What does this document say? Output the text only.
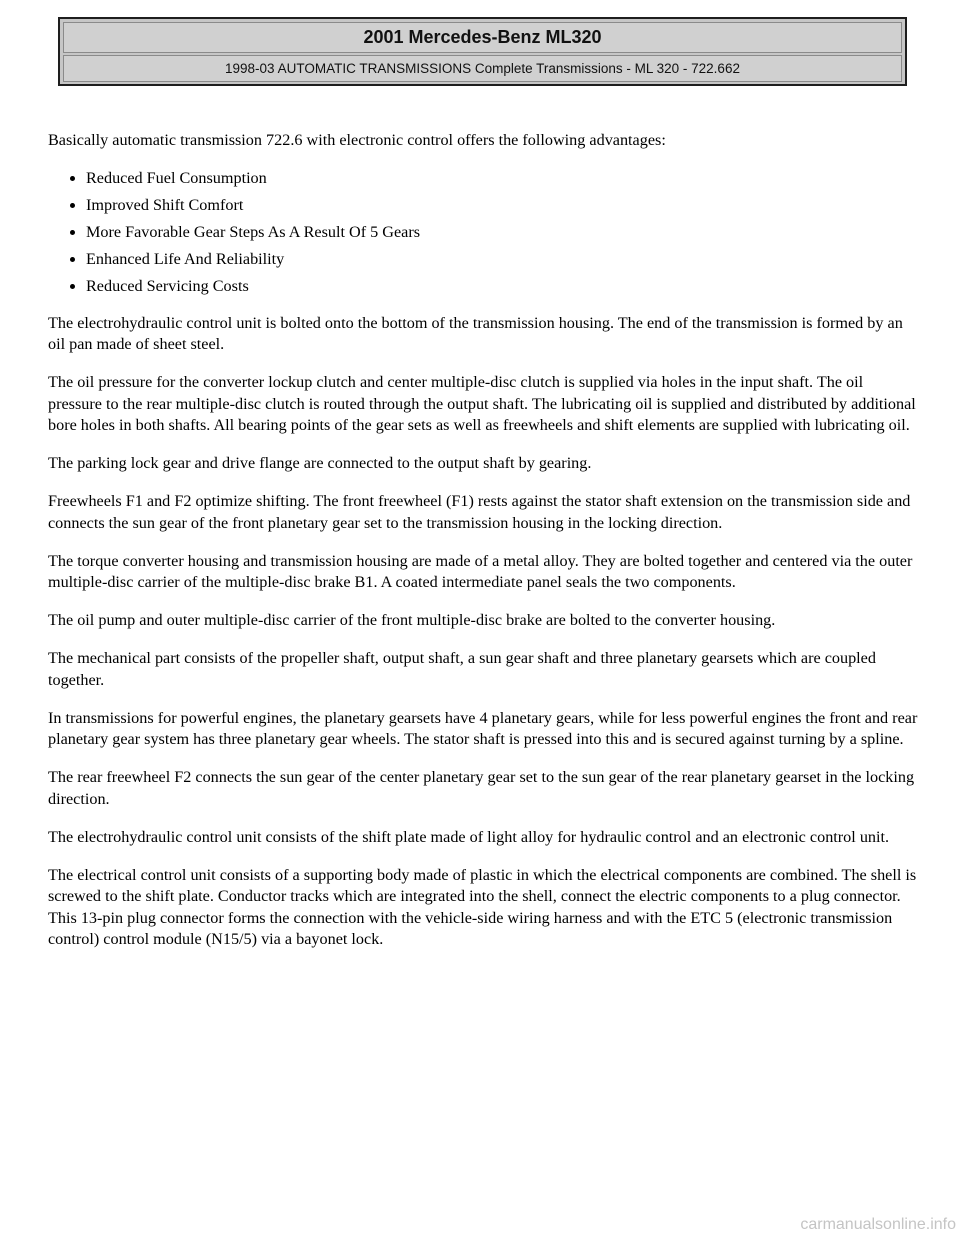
2001 Mercedes-Benz ML320
1998-03 AUTOMATIC TRANSMISSIONS Complete Transmissions - ML 320 - 722.662

Basically automatic transmission 722.6 with electronic control offers the following advantages:

• Reduced Fuel Consumption
• Improved Shift Comfort
• More Favorable Gear Steps As A Result Of 5 Gears
• Enhanced Life And Reliability
• Reduced Servicing Costs

The electrohydraulic control unit is bolted onto the bottom of the transmission housing. The end of the transmission is formed by an oil pan made of sheet steel.

The oil pressure for the converter lockup clutch and center multiple-disc clutch is supplied via holes in the input shaft. The oil pressure to the rear multiple-disc clutch is routed through the output shaft. The lubricating oil is supplied and distributed by additional bore holes in both shafts. All bearing points of the gear sets as well as freewheels and shift elements are supplied with lubricating oil.

The parking lock gear and drive flange are connected to the output shaft by gearing.

Freewheels F1 and F2 optimize shifting. The front freewheel (F1) rests against the stator shaft extension on the transmission side and connects the sun gear of the front planetary gear set to the transmission housing in the locking direction.

The torque converter housing and transmission housing are made of a metal alloy. They are bolted together and centered via the outer multiple-disc carrier of the multiple-disc brake B1. A coated intermediate panel seals the two components.

The oil pump and outer multiple-disc carrier of the front multiple-disc brake are bolted to the converter housing.

The mechanical part consists of the propeller shaft, output shaft, a sun gear shaft and three planetary gearsets which are coupled together.

In transmissions for powerful engines, the planetary gearsets have 4 planetary gears, while for less powerful engines the front and rear planetary gear system has three planetary gear wheels. The stator shaft is pressed into this and is secured against turning by a spline.

The rear freewheel F2 connects the sun gear of the center planetary gear set to the sun gear of the rear planetary gearset in the locking direction.

The electrohydraulic control unit consists of the shift plate made of light alloy for hydraulic control and an electronic control unit.

The electrical control unit consists of a supporting body made of plastic in which the electrical components are combined. The shell is screwed to the shift plate. Conductor tracks which are integrated into the shell, connect the electric components to a plug connector. This 13-pin plug connector forms the connection with the vehicle-side wiring harness and with the ETC 5 (electronic transmission control) control module (N15/5) via a bayonet lock.

carmanualsonline.info
